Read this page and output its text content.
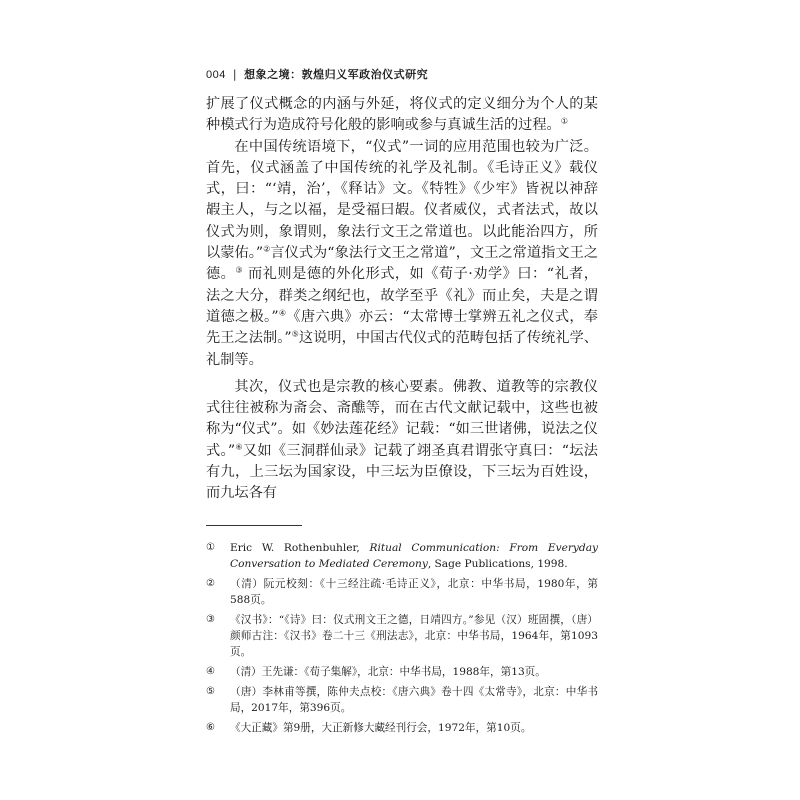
004 | 想象之境：敦煌归义军政治仪式研究

扩展了仪式概念的内涵与外延，将仪式的定义细分为个人的某种模式行为造成符号化般的影响或参与真诚生活的过程。①

在中国传统语境下，“仪式”一词的应用范围也较为广泛。首先，仪式涵盖了中国传统的礼学及礼制。《毛诗正义》载仪式，曰：“‘靖，治’，《释诂》文。《特牲》《少牢》皆祝以神辞嘏主人，与之以福，是受福曰嘏。仪者威仪，式者法式，故以仪式为则，象谓则，象法行文王之常道也。以此能治四方，所以蒙佑。”②言仪式为“象法行文王之常道”，文王之常道指文王之德。③ 而礼则是德的外化形式，如《荀子·劝学》曰：“礼者，法之大分，群类之纲纪也，故学至乎《礼》而止矣，夫是之谓道德之极。”④《唐六典》亦云：“太常博士掌辨五礼之仪式，奉先王之法制。”⑤这说明，中国古代仪式的范畴包括了传统礼学、礼制等。

其次，仪式也是宗教的核心要素。佛教、道教等的宗教仪式往往被称为斋会、斋醮等，而在古代文献记载中，这些也被称为“仪式”。如《妙法莲花经》记载：“如三世诸佛，说法之仪式。”⑥又如《三洞群仙录》记载了翊圣真君谓张守真曰：“坛法有九，上三坛为国家设，中三坛为臣僚设，下三坛为百姓设，而九坛各有

①	Eric W. Rothenbuhler, Ritual Communication: From Everyday Conversation to Mediated Ceremony, Sage Publications, 1998.
②	（清）阮元校刻：《十三经注疏·毛诗正义》，北京：中华书局，1980年，第588页。
③	《汉书》：“《诗》曰：仪式刑文王之德，日靖四方。”参见（汉）班固撰，（唐）颜师古注：《汉书》卷二十三《刑法志》，北京：中华书局，1964年，第1093页。
④	（清）王先谦：《荀子集解》，北京：中华书局，1988年，第13页。
⑤	（唐）李林甫等撰，陈仲夫点校：《唐六典》卷十四《太常寺》，北京：中华书局，2017年，第396页。
⑥	《大正藏》第9册，大正新修大藏经刊行会，1972年，第10页。
